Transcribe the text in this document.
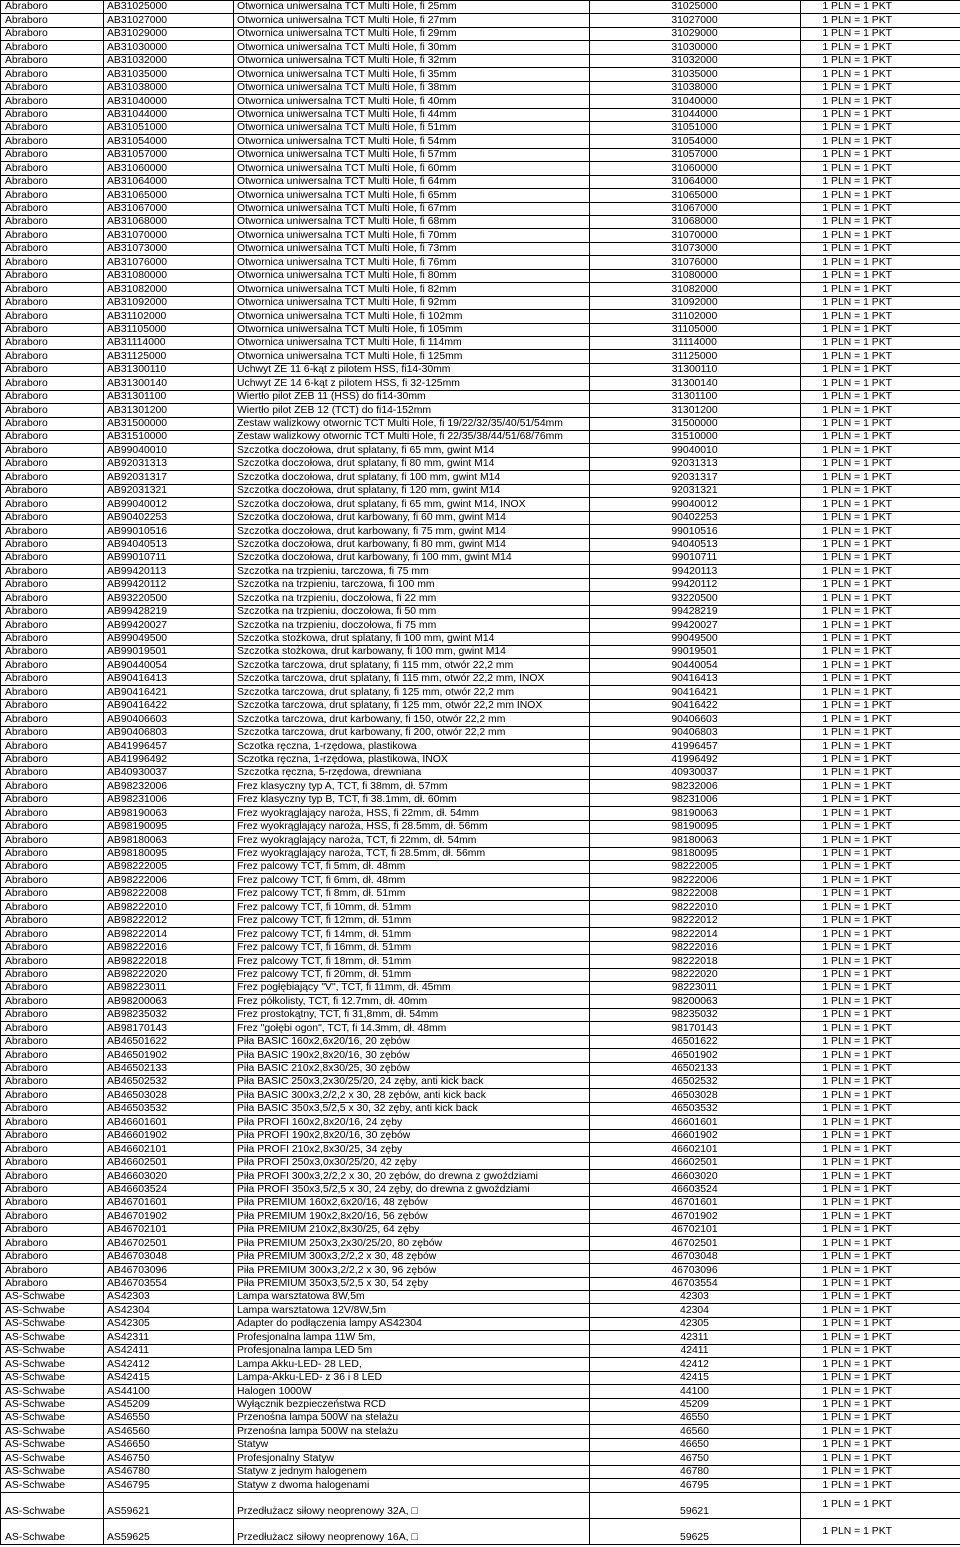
Abraboro	AB31025000	Otwornica uniwersalna TCT Multi Hole, fi 25mm	31025000	1 PLN = 1 PKT
Abraboro	AB31027000	Otwornica uniwersalna TCT Multi Hole, fi 27mm	31027000	1 PLN = 1 PKT
Abraboro	AB31029000	Otwornica uniwersalna TCT Multi Hole, fi 29mm	31029000	1 PLN = 1 PKT
Abraboro	AB31030000	Otwornica uniwersalna TCT Multi Hole, fi 30mm	31030000	1 PLN = 1 PKT
Abraboro	AB31032000	Otwornica uniwersalna TCT Multi Hole, fi 32mm	31032000	1 PLN = 1 PKT
Abraboro	AB31035000	Otwornica uniwersalna TCT Multi Hole, fi 35mm	31035000	1 PLN = 1 PKT
Abraboro	AB31038000	Otwornica uniwersalna TCT Multi Hole, fi 38mm	31038000	1 PLN = 1 PKT
Abraboro	AB31040000	Otwornica uniwersalna TCT Multi Hole, fi 40mm	31040000	1 PLN = 1 PKT
Abraboro	AB31044000	Otwornica uniwersalna TCT Multi Hole, fi 44mm	31044000	1 PLN = 1 PKT
Abraboro	AB31051000	Otwornica uniwersalna TCT Multi Hole, fi 51mm	31051000	1 PLN = 1 PKT
Abraboro	AB31054000	Otwornica uniwersalna TCT Multi Hole, fi 54mm	31054000	1 PLN = 1 PKT
Abraboro	AB31057000	Otwornica uniwersalna TCT Multi Hole, fi 57mm	31057000	1 PLN = 1 PKT
Abraboro	AB31060000	Otwornica uniwersalna TCT Multi Hole, fi 60mm	31060000	1 PLN = 1 PKT
Abraboro	AB31064000	Otwornica uniwersalna TCT Multi Hole, fi 64mm	31064000	1 PLN = 1 PKT
Abraboro	AB31065000	Otwornica uniwersalna TCT Multi Hole, fi 65mm	31065000	1 PLN = 1 PKT
Abraboro	AB31067000	Otwornica uniwersalna TCT Multi Hole, fi 67mm	31067000	1 PLN = 1 PKT
Abraboro	AB31068000	Otwornica uniwersalna TCT Multi Hole, fi 68mm	31068000	1 PLN = 1 PKT
Abraboro	AB31070000	Otwornica uniwersalna TCT Multi Hole, fi 70mm	31070000	1 PLN = 1 PKT
Abraboro	AB31073000	Otwornica uniwersalna TCT Multi Hole, fi 73mm	31073000	1 PLN = 1 PKT
Abraboro	AB31076000	Otwornica uniwersalna TCT Multi Hole, fi 76mm	31076000	1 PLN = 1 PKT
Abraboro	AB31080000	Otwornica uniwersalna TCT Multi Hole, fi 80mm	31080000	1 PLN = 1 PKT
Abraboro	AB31082000	Otwornica uniwersalna TCT Multi Hole, fi 82mm	31082000	1 PLN = 1 PKT
Abraboro	AB31092000	Otwornica uniwersalna TCT Multi Hole, fi 92mm	31092000	1 PLN = 1 PKT
Abraboro	AB31102000	Otwornica uniwersalna TCT Multi Hole, fi 102mm	31102000	1 PLN = 1 PKT
Abraboro	AB31105000	Otwornica uniwersalna TCT Multi Hole, fi 105mm	31105000	1 PLN = 1 PKT
Abraboro	AB31114000	Otwornica uniwersalna TCT Multi Hole, fi 114mm	31114000	1 PLN = 1 PKT
Abraboro	AB31125000	Otwornica uniwersalna TCT Multi Hole, fi 125mm	31125000	1 PLN = 1 PKT
Abraboro	AB31300110	Uchwyt ZE 11 6-kąt z pilotem HSS, fi14-30mm	31300110	1 PLN = 1 PKT
Abraboro	AB31300140	Uchwyt ZE 14 6-kąt z pilotem HSS, fi 32-125mm	31300140	1 PLN = 1 PKT
Abraboro	AB31301100	Wiertło pilot ZEB 11 (HSS) do fi14-30mm	31301100	1 PLN = 1 PKT
Abraboro	AB31301200	Wiertło pilot ZEB 12 (TCT) do fi14-152mm	31301200	1 PLN = 1 PKT
Abraboro	AB31500000	Zestaw walizkowy otwornic TCT Multi Hole, fi 19/22/32/35/40/51/54mm	31500000	1 PLN = 1 PKT
Abraboro	AB31510000	Zestaw walizkowy otwornic TCT Multi Hole, fi 22/35/38/44/51/68/76mm	31510000	1 PLN = 1 PKT
Abraboro	AB99040010	Szczotka doczołowa, drut splatany, fi 65 mm, gwint M14	99040010	1 PLN = 1 PKT
Abraboro	AB92031313	Szczotka doczołowa, drut splatany, fi 80 mm, gwint M14	92031313	1 PLN = 1 PKT
Abraboro	AB92031317	Szczotka doczołowa, drut splatany, fi 100 mm, gwint M14	92031317	1 PLN = 1 PKT
Abraboro	AB92031321	Szczotka doczołowa, drut splatany, fi 120 mm, gwint M14	92031321	1 PLN = 1 PKT
Abraboro	AB99040012	Szczotka doczołowa, drut splatany, fi 65 mm, gwint M14, INOX	99040012	1 PLN = 1 PKT
Abraboro	AB90402253	Szczotka doczołowa, drut karbowany, fi 60 mm, gwint M14	90402253	1 PLN = 1 PKT
Abraboro	AB99010516	Szczotka doczołowa, drut karbowany, fi 75 mm, gwint M14	99010516	1 PLN = 1 PKT
Abraboro	AB94040513	Szczotka doczołowa, drut karbowany, fi 80 mm, gwint M14	94040513	1 PLN = 1 PKT
Abraboro	AB99010711	Szczotka doczołowa, drut karbowany, fi 100 mm, gwint M14	99010711	1 PLN = 1 PKT
Abraboro	AB99420113	Szczotka na trzpieniu, tarczowa, fi 75 mm	99420113	1 PLN = 1 PKT
Abraboro	AB99420112	Szczotka na trzpieniu, tarczowa, fi 100 mm	99420112	1 PLN = 1 PKT
Abraboro	AB93220500	Szczotka na trzpieniu, doczołowa, fi 22 mm	93220500	1 PLN = 1 PKT
Abraboro	AB99428219	Szczotka na trzpieniu, doczołowa, fi 50 mm	99428219	1 PLN = 1 PKT
Abraboro	AB99420027	Szczotka na trzpieniu, doczołowa, fi 75 mm	99420027	1 PLN = 1 PKT
Abraboro	AB99049500	Szczotka stożkowa, drut splatany, fi 100 mm, gwint M14	99049500	1 PLN = 1 PKT
Abraboro	AB99019501	Szczotka stożkowa, drut karbowany, fi 100 mm, gwint M14	99019501	1 PLN = 1 PKT
Abraboro	AB90440054	Szczotka tarczowa, drut splatany, fi 115 mm, otwór 22,2 mm	90440054	1 PLN = 1 PKT
Abraboro	AB90416413	Szczotka tarczowa, drut splatany, fi 115 mm, otwór 22,2 mm, INOX	90416413	1 PLN = 1 PKT
Abraboro	AB90416421	Szczotka tarczowa, drut splatany, fi 125 mm, otwór 22,2 mm	90416421	1 PLN = 1 PKT
Abraboro	AB90416422	Szczotka tarczowa, drut splatany, fi 125 mm, otwór 22,2 mm INOX	90416422	1 PLN = 1 PKT
Abraboro	AB90406603	Szczotka tarczowa, drut karbowany, fi 150, otwór 22,2 mm	90406603	1 PLN = 1 PKT
Abraboro	AB90406803	Szczotka tarczowa, drut karbowany, fi 200, otwór 22,2 mm	90406803	1 PLN = 1 PKT
Abraboro	AB41996457	Sczotka ręczna, 1-rzędowa, plastikowa	41996457	1 PLN = 1 PKT
Abraboro	AB41996492	Sczotka ręczna, 1-rzędowa, plastikowa, INOX	41996492	1 PLN = 1 PKT
Abraboro	AB40930037	Szczotka ręczna, 5-rzędowa, drewniana	40930037	1 PLN = 1 PKT
Abraboro	AB98232006	Frez klasyczny typ A, TCT, fi 38mm, dł. 57mm	98232006	1 PLN = 1 PKT
Abraboro	AB98231006	Frez klasyczny typ B, TCT, fi 38.1mm, dł. 60mm	98231006	1 PLN = 1 PKT
Abraboro	AB98190063	Frez wyokrąglający naroża, HSS, fi 22mm, dł. 54mm	98190063	1 PLN = 1 PKT
Abraboro	AB98190095	Frez wyokrąglający naroża, HSS, fi 28.5mm, dł. 56mm	98190095	1 PLN = 1 PKT
Abraboro	AB98180063	Frez wyokrąglający naroża, TCT, fi 22mm, dł. 54mm	98180063	1 PLN = 1 PKT
Abraboro	AB98180095	Frez wyokrąglający naroża, TCT, fi 28.5mm, dł. 56mm	98180095	1 PLN = 1 PKT
Abraboro	AB98222005	Frez palcowy TCT, fi 5mm, dł. 48mm	98222005	1 PLN = 1 PKT
Abraboro	AB98222006	Frez palcowy TCT, fi 6mm, dł. 48mm	98222006	1 PLN = 1 PKT
Abraboro	AB98222008	Frez palcowy TCT, fi 8mm, dł. 51mm	98222008	1 PLN = 1 PKT
Abraboro	AB98222010	Frez palcowy TCT, fi 10mm, dł. 51mm	98222010	1 PLN = 1 PKT
Abraboro	AB98222012	Frez palcowy TCT, fi 12mm, dł. 51mm	98222012	1 PLN = 1 PKT
Abraboro	AB98222014	Frez palcowy TCT, fi 14mm, dł. 51mm	98222014	1 PLN = 1 PKT
Abraboro	AB98222016	Frez palcowy TCT, fi 16mm, dł. 51mm	98222016	1 PLN = 1 PKT
Abraboro	AB98222018	Frez palcowy TCT, fi 18mm, dł. 51mm	98222018	1 PLN = 1 PKT
Abraboro	AB98222020	Frez palcowy TCT, fi 20mm, dł. 51mm	98222020	1 PLN = 1 PKT
Abraboro	AB98223011	Frez pogłębiający "V", TCT, fi 11mm, dł. 45mm	98223011	1 PLN = 1 PKT
Abraboro	AB98200063	Frez półkolisty, TCT, fi 12.7mm, dł. 40mm	98200063	1 PLN = 1 PKT
Abraboro	AB98235032	Frez prostokątny, TCT, fi 31,8mm, dł. 54mm	98235032	1 PLN = 1 PKT
Abraboro	AB98170143	Frez "gołębi ogon", TCT, fi 14.3mm, dł. 48mm	98170143	1 PLN = 1 PKT
Abraboro	AB46501622	Piła BASIC 160x2,6x20/16, 20 zębów	46501622	1 PLN = 1 PKT
Abraboro	AB46501902	Piła BASIC 190x2,8x20/16, 30 zębów	46501902	1 PLN = 1 PKT
Abraboro	AB46502133	Piła BASIC 210x2,8x30/25, 30 zębów	46502133	1 PLN = 1 PKT
Abraboro	AB46502532	Piła BASIC 250x3,2x30/25/20, 24 zęby, anti kick back	46502532	1 PLN = 1 PKT
Abraboro	AB46503028	Piła BASIC 300x3,2/2,2 x 30, 28 zębów, anti kick back	46503028	1 PLN = 1 PKT
Abraboro	AB46503532	Piła BASIC 350x3,5/2,5 x 30, 32 zęby, anti kick back	46503532	1 PLN = 1 PKT
Abraboro	AB46601601	Piła PROFI 160x2,8x20/16, 24 zęby	46601601	1 PLN = 1 PKT
Abraboro	AB46601902	Piła PROFI 190x2,8x20/16, 30 zębów	46601902	1 PLN = 1 PKT
Abraboro	AB46602101	Piła PROFI 210x2,8x30/25, 34 zęby	46602101	1 PLN = 1 PKT
Abraboro	AB46602501	Piła PROFI 250x3,0x30/25/20, 42 zęby	46602501	1 PLN = 1 PKT
Abraboro	AB46603020	Piła PROFI 300x3,2/2,2 x 30, 20 zębów, do drewna z gwoździami	46603020	1 PLN = 1 PKT
Abraboro	AB46603524	Piła PROFI 350x3,5/2,5 x 30, 24 zęby, do drewna z gwoździami	46603524	1 PLN = 1 PKT
Abraboro	AB46701601	Piła PREMIUM 160x2,6x20/16, 48 zębów	46701601	1 PLN = 1 PKT
Abraboro	AB46701902	Piła PREMIUM 190x2,8x20/16, 56 zębów	46701902	1 PLN = 1 PKT
Abraboro	AB46702101	Piła PREMIUM 210x2,8x30/25, 64 zęby	46702101	1 PLN = 1 PKT
Abraboro	AB46702501	Piła PREMIUM 250x3,2x30/25/20, 80 zębów	46702501	1 PLN = 1 PKT
Abraboro	AB46703048	Piła PREMIUM 300x3,2/2,2 x 30, 48 zębów	46703048	1 PLN = 1 PKT
Abraboro	AB46703096	Piła PREMIUM 300x3,2/2,2 x 30, 96 zębów	46703096	1 PLN = 1 PKT
Abraboro	AB46703554	Piła PREMIUM 350x3,5/2,5 x 30, 54 zęby	46703554	1 PLN = 1 PKT
AS-Schwabe	AS42303	Lampa warsztatowa 8W,5m	42303	1 PLN = 1 PKT
AS-Schwabe	AS42304	Lampa warsztatowa 12V/8W,5m	42304	1 PLN = 1 PKT
AS-Schwabe	AS42305	Adapter do podłączenia lampy AS42304	42305	1 PLN = 1 PKT
AS-Schwabe	AS42311	Profesjonalna lampa 11W 5m,	42311	1 PLN = 1 PKT
AS-Schwabe	AS42411	Profesjonalna lampa LED 5m	42411	1 PLN = 1 PKT
AS-Schwabe	AS42412	Lampa Akku-LED- 28 LED,	42412	1 PLN = 1 PKT
AS-Schwabe	AS42415	Lampa-Akku-LED- z 36 i 8 LED	42415	1 PLN = 1 PKT
AS-Schwabe	AS44100	Halogen 1000W	44100	1 PLN = 1 PKT
AS-Schwabe	AS45209	Wyłącznik bezpieczeństwa RCD	45209	1 PLN = 1 PKT
AS-Schwabe	AS46550	Przenośna lampa 500W na stelażu	46550	1 PLN = 1 PKT
AS-Schwabe	AS46560	Przenośna lampa 500W na stelażu	46560	1 PLN = 1 PKT
AS-Schwabe	AS46650	Statyw	46650	1 PLN = 1 PKT
AS-Schwabe	AS46750	Profesjonalny Statyw	46750	1 PLN = 1 PKT
AS-Schwabe	AS46780	Statyw z jednym halogenem	46780	1 PLN = 1 PKT
AS-Schwabe	AS46795	Statyw z dwoma halogenami	46795	1 PLN = 1 PKT
AS-Schwabe	AS59621	Przedłużacz siłowy neoprenowy 32A, □	59621	1 PLN = 1 PKT
AS-Schwabe	AS59625	Przedłużacz siłowy neoprenowy 16A, □	59625	1 PLN = 1 PKT
